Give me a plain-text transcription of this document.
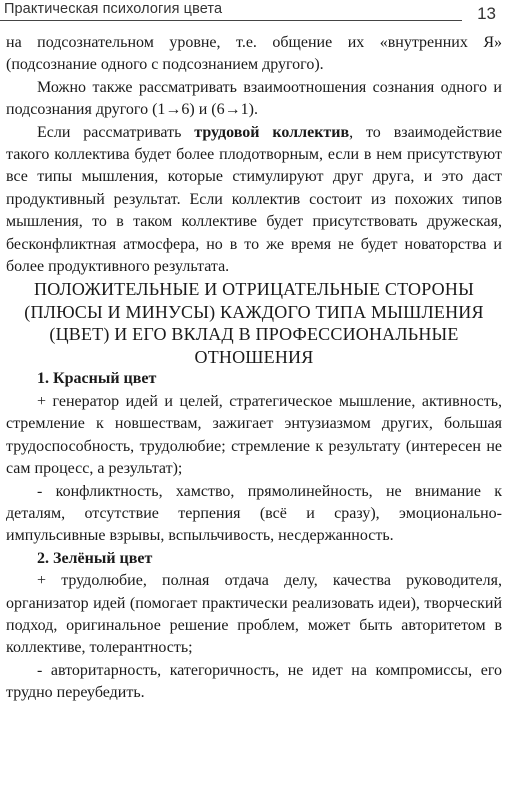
Практическая психология цвета	13

на подсознательном уровне, т.е. общение их «внутренних Я» (подсознание одного с подсознанием другого).

Можно также рассматривать взаимоотношения сознания одного и подсознания другого (1→6) и (6→1).

Если рассматривать трудовой коллектив, то взаимодействие такого коллектива будет более плодотворным, если в нем присутствуют все типы мышления, которые стимулируют друг друга, и это даст продуктивный результат. Если коллектив состоит из похожих типов мышления, то в таком коллективе будет присутствовать дружеская, бесконфликтная атмосфера, но в то же время не будет новаторства и более продуктивного результата.

ПОЛОЖИТЕЛЬНЫЕ И ОТРИЦАТЕЛЬНЫЕ СТОРОНЫ (ПЛЮСЫ И МИНУСЫ) КАЖДОГО ТИПА МЫШЛЕНИЯ (ЦВЕТ) И ЕГО ВКЛАД В ПРОФЕССИОНАЛЬНЫЕ ОТНОШЕНИЯ

1. Красный цвет

+ генератор идей и целей, стратегическое мышление, активность, стремление к новшествам, зажигает энтузиазмом других, большая трудоспособность, трудолюбие; стремление к результату (интересен не сам процесс, а результат);

- конфликтность, хамство, прямолинейность, не внимание к деталям, отсутствие терпения (всё и сразу), эмоционально-импульсивные взрывы, вспыльчивость, несдержанность.

2. Зелёный цвет

+ трудолюбие, полная отдача делу, качества руководителя, организатор идей (помогает практически реализовать идеи), творческий подход, оригинальное решение проблем, может быть авторитетом в коллективе, толерантность;

- авторитарность, категоричность, не идет на компромиссы, его трудно переубедить.
